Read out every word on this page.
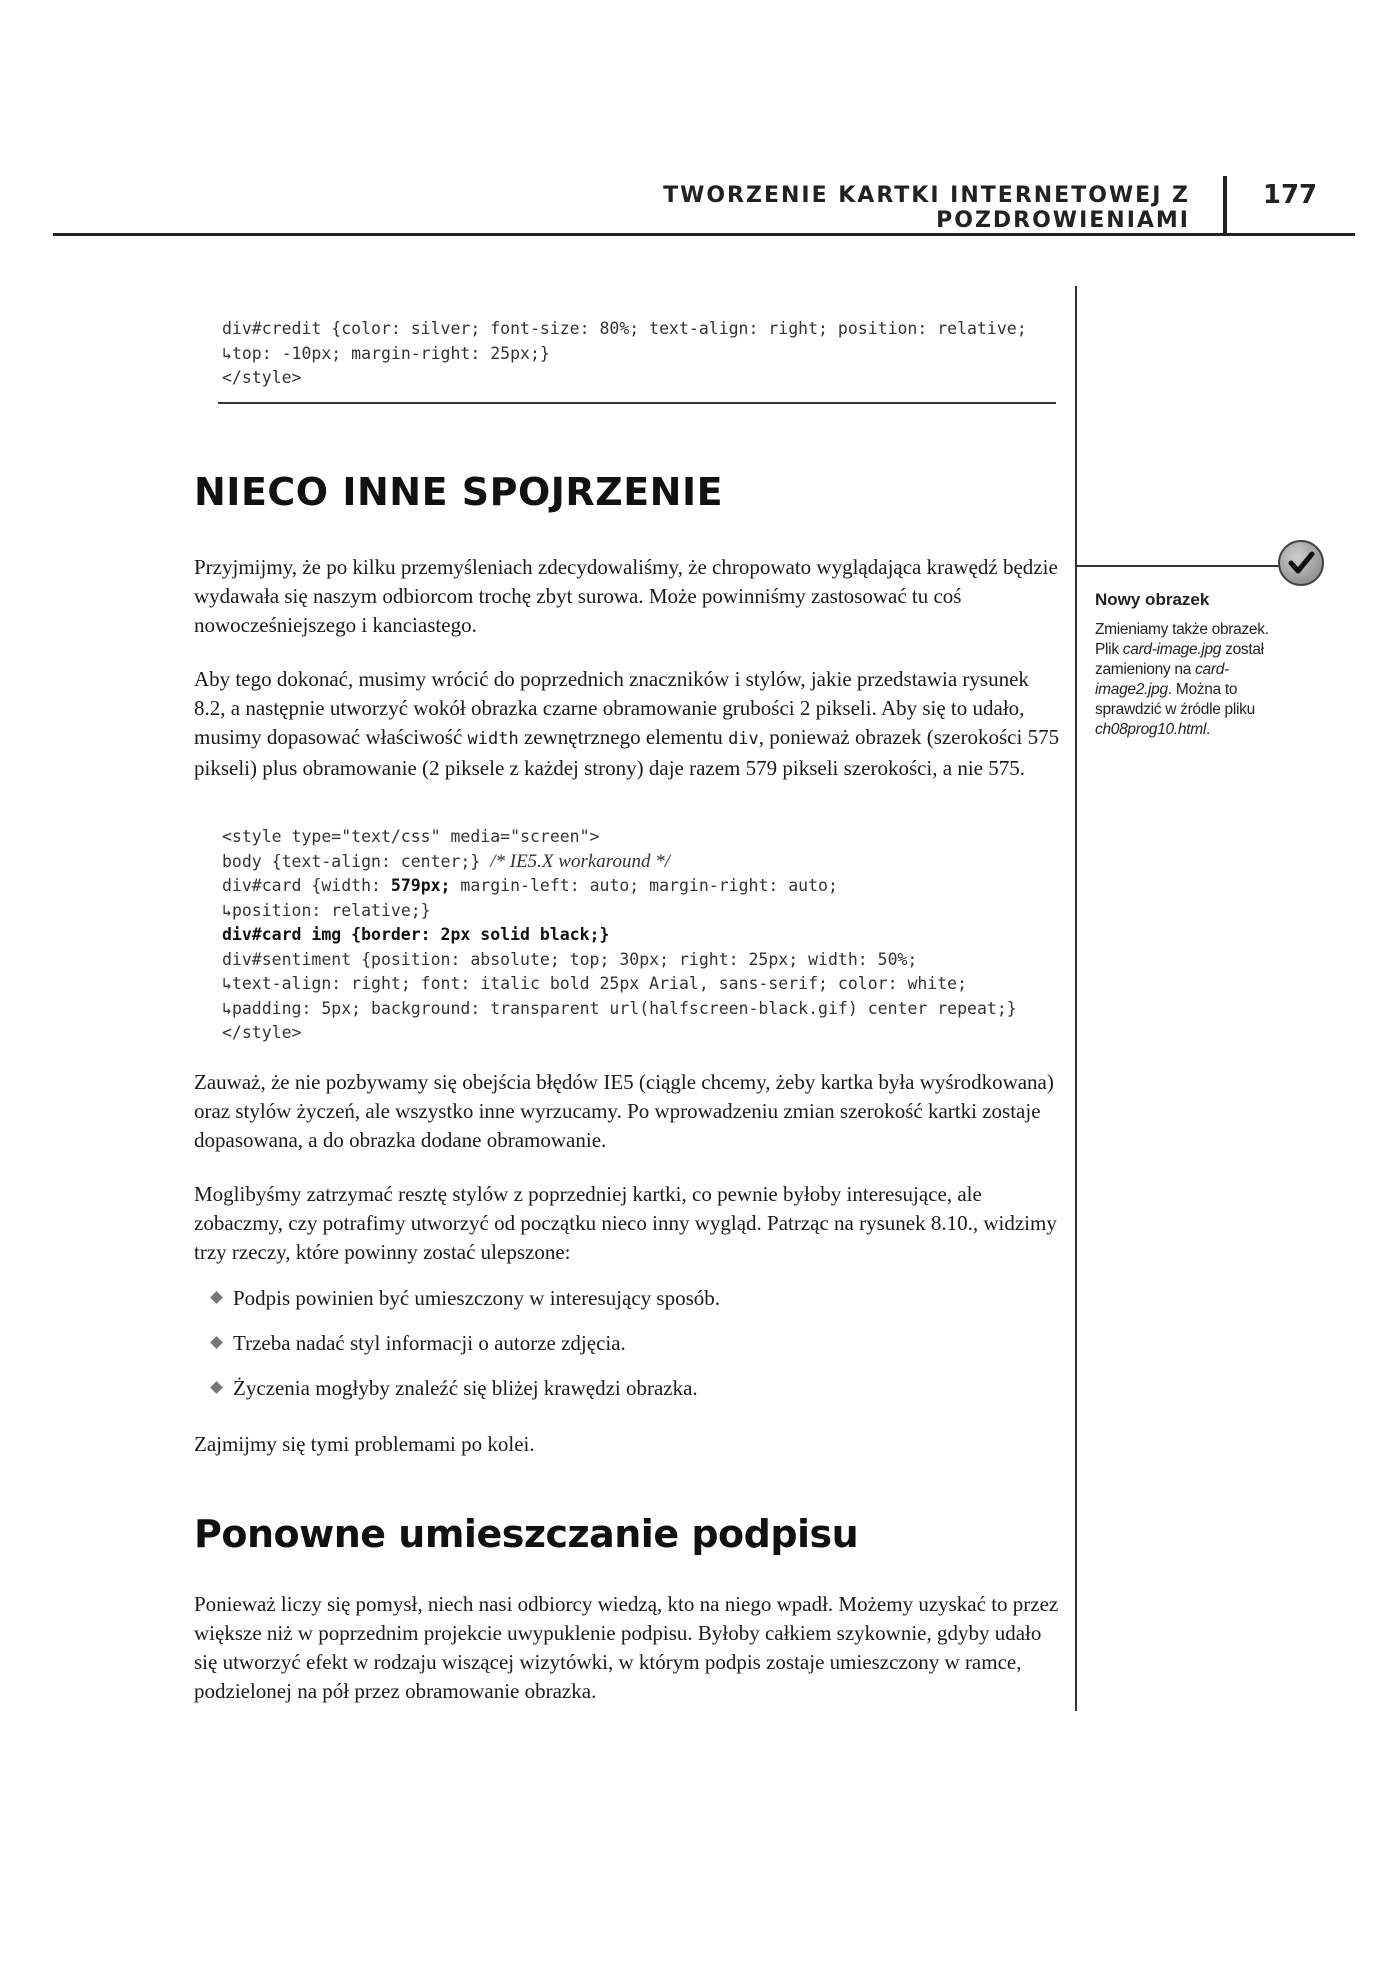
TWORZENIE KARTKI INTERNETOWEJ Z POZDROWIENIAMI
177
div#credit {color: silver; font-size: 80%; text-align: right; position: relative;
↳top: -10px; margin-right: 25px;}
</style>
NIECO INNE SPOJRZENIE

Przyjmijmy, że po kilku przemyśleniach zdecydowaliśmy, że chropowato wyglądająca krawędź będzie wydawała się naszym odbiorcom trochę zbyt surowa. Może powinniśmy zastosować tu coś nowocześniejszego i kanciastego.

Aby tego dokonać, musimy wrócić do poprzednich znaczników i stylów, jakie przedstawia rysunek 8.2, a następnie utworzyć wokół obrazka czarne obramowanie grubości 2 pikseli. Aby się to udało, musimy dopasować właściwość width zewnętrznego elementu div, ponieważ obrazek (szerokości 575 pikseli) plus obramowanie (2 piksele z każdej strony) daje razem 579 pikseli szerokości, a nie 575.

<style type="text/css" media="screen">
body {text-align: center;} /* IE5.X workaround */
div#card {width: 579px; margin-left: auto; margin-right: auto;
↳position: relative;}
div#card img {border: 2px solid black;}
div#sentiment {position: absolute; top; 30px; right: 25px; width: 50%;
↳text-align: right; font: italic bold 25px Arial, sans-serif; color: white;
↳padding: 5px; background: transparent url(halfscreen-black.gif) center repeat;}
</style>

Zauważ, że nie pozbywamy się obejścia błędów IE5 (ciągle chcemy, żeby kartka była wyśrodkowana) oraz stylów życzeń, ale wszystko inne wyrzucamy. Po wprowadzeniu zmian szerokość kartki zostaje dopasowana, a do obrazka dodane obramowanie.

Moglibyśmy zatrzymać resztę stylów z poprzedniej kartki, co pewnie byłoby interesujące, ale zobaczmy, czy potrafimy utworzyć od początku nieco inny wygląd. Patrząc na rysunek 8.10., widzimy trzy rzeczy, które powinny zostać ulepszone:

Podpis powinien być umieszczony w interesujący sposób.
Trzeba nadać styl informacji o autorze zdjęcia.
Życzenia mogłyby znaleźć się bliżej krawędzi obrazka.

Zajmijmy się tymi problemami po kolei.

Ponowne umieszczanie podpisu

Ponieważ liczy się pomysł, niech nasi odbiorcy wiedzą, kto na niego wpadł. Możemy uzyskać to przez większe niż w poprzednim projekcie uwypuklenie podpisu. Byłoby całkiem szykownie, gdyby udało się utworzyć efekt w rodzaju wiszącej wizytówki, w którym podpis zostaje umieszczony w ramce, podzielonej na pół przez obramowanie obrazka.

Nowy obrazek

Zmieniamy także obrazek. Plik card-image.jpg został zamieniony na card-image2.jpg. Można to sprawdzić w źródle pliku ch08prog10.html.
